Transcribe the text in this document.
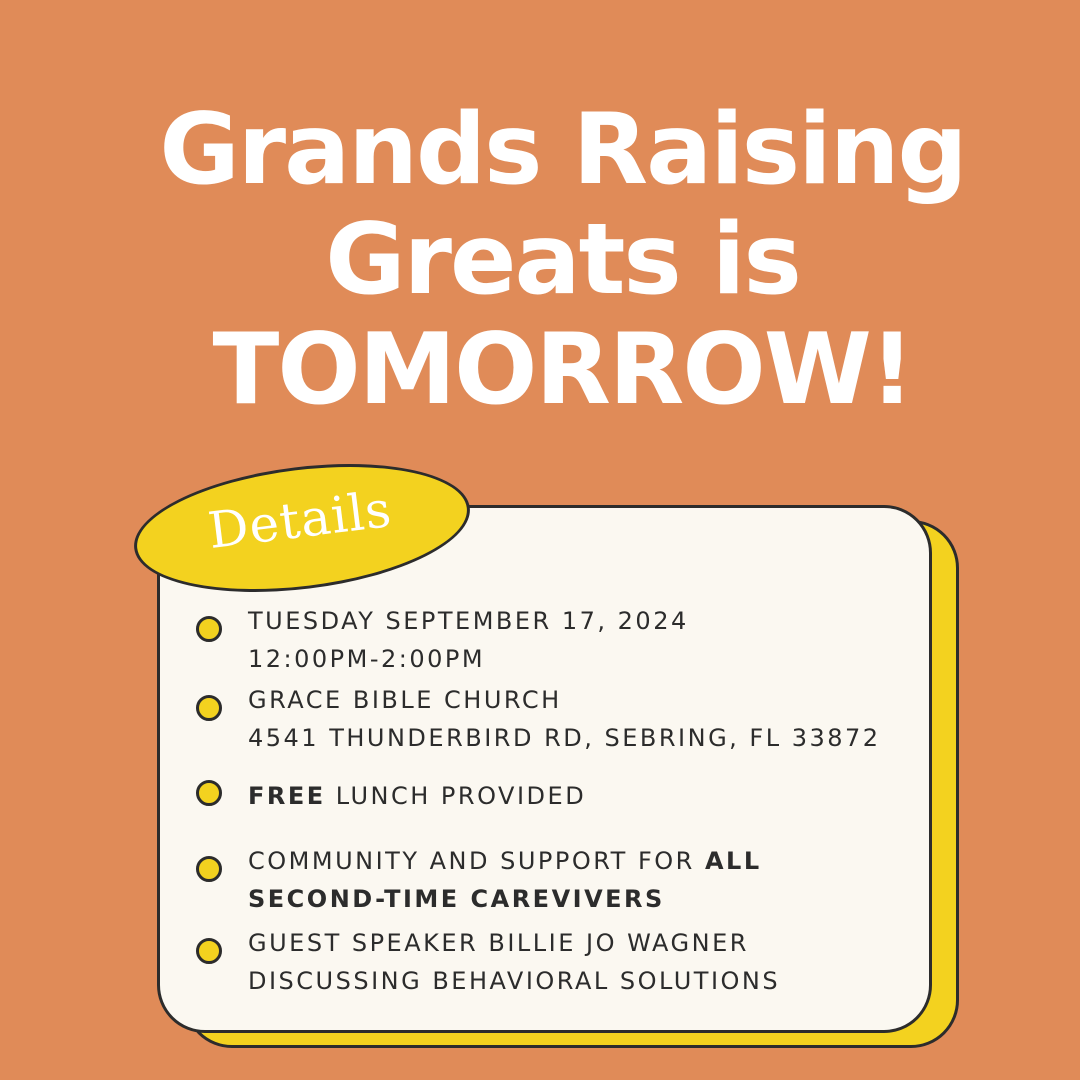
Grands Raising
Greats is
TOMORROW!
Details
TUESDAY SEPTEMBER 17, 2024
12:00PM-2:00PM
GRACE BIBLE CHURCH
4541 THUNDERBIRD RD, SEBRING, FL 33872
FREE LUNCH PROVIDED
COMMUNITY AND SUPPORT FOR ALL
SECOND-TIME CAREVIVERS
GUEST SPEAKER BILLIE JO WAGNER
DISCUSSING BEHAVIORAL SOLUTIONS
